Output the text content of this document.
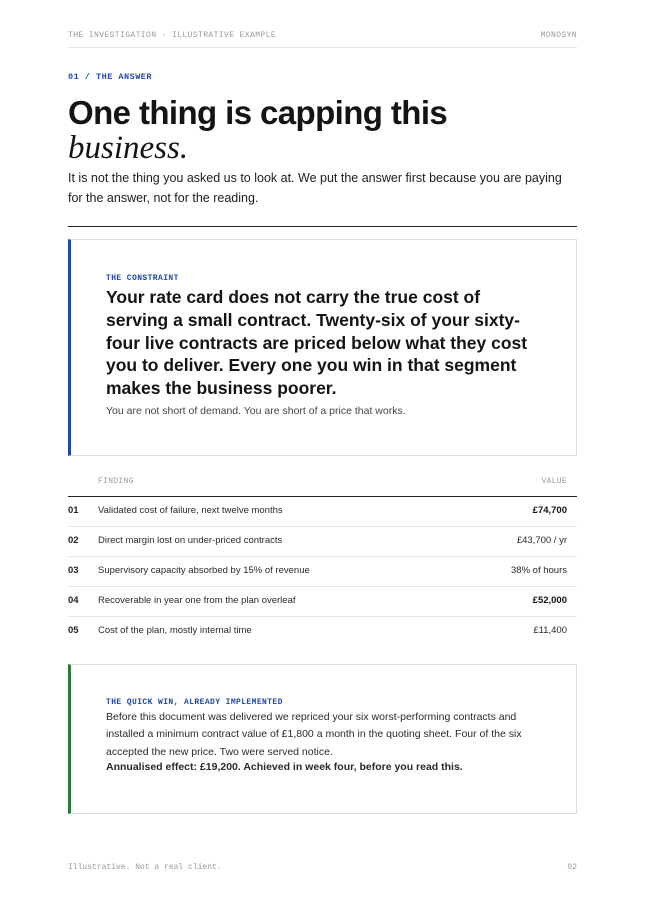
THE INVESTIGATION · ILLUSTRATIVE EXAMPLE	MONOSYN
01 / THE ANSWER
One thing is capping this
business.

It is not the thing you asked us to look at. We put the answer first because you are paying for the answer, not for the reading.

THE CONSTRAINT

Your rate card does not carry the true cost of serving a small contract. Twenty-six of your sixty-four live contracts are priced below what they cost you to deliver. Every one you win in that segment makes the business poorer.

You are not short of demand. You are short of a price that works.

FINDING	VALUE
01 Validated cost of failure, next twelve months	£74,700
02 Direct margin lost on under-priced contracts	£43,700 / yr
03 Supervisory capacity absorbed by 15% of revenue	38% of hours
04 Recoverable in year one from the plan overleaf	£52,000
05 Cost of the plan, mostly internal time	£11,400
THE QUICK WIN, ALREADY IMPLEMENTED

Before this document was delivered we repriced your six worst-performing contracts and installed a minimum contract value of £1,800 a month in the quoting sheet. Four of the six accepted the new price. Two were served notice.

Annualised effect: £19,200. Achieved in week four, before you read this.

Illustrative. Not a real client.	02
